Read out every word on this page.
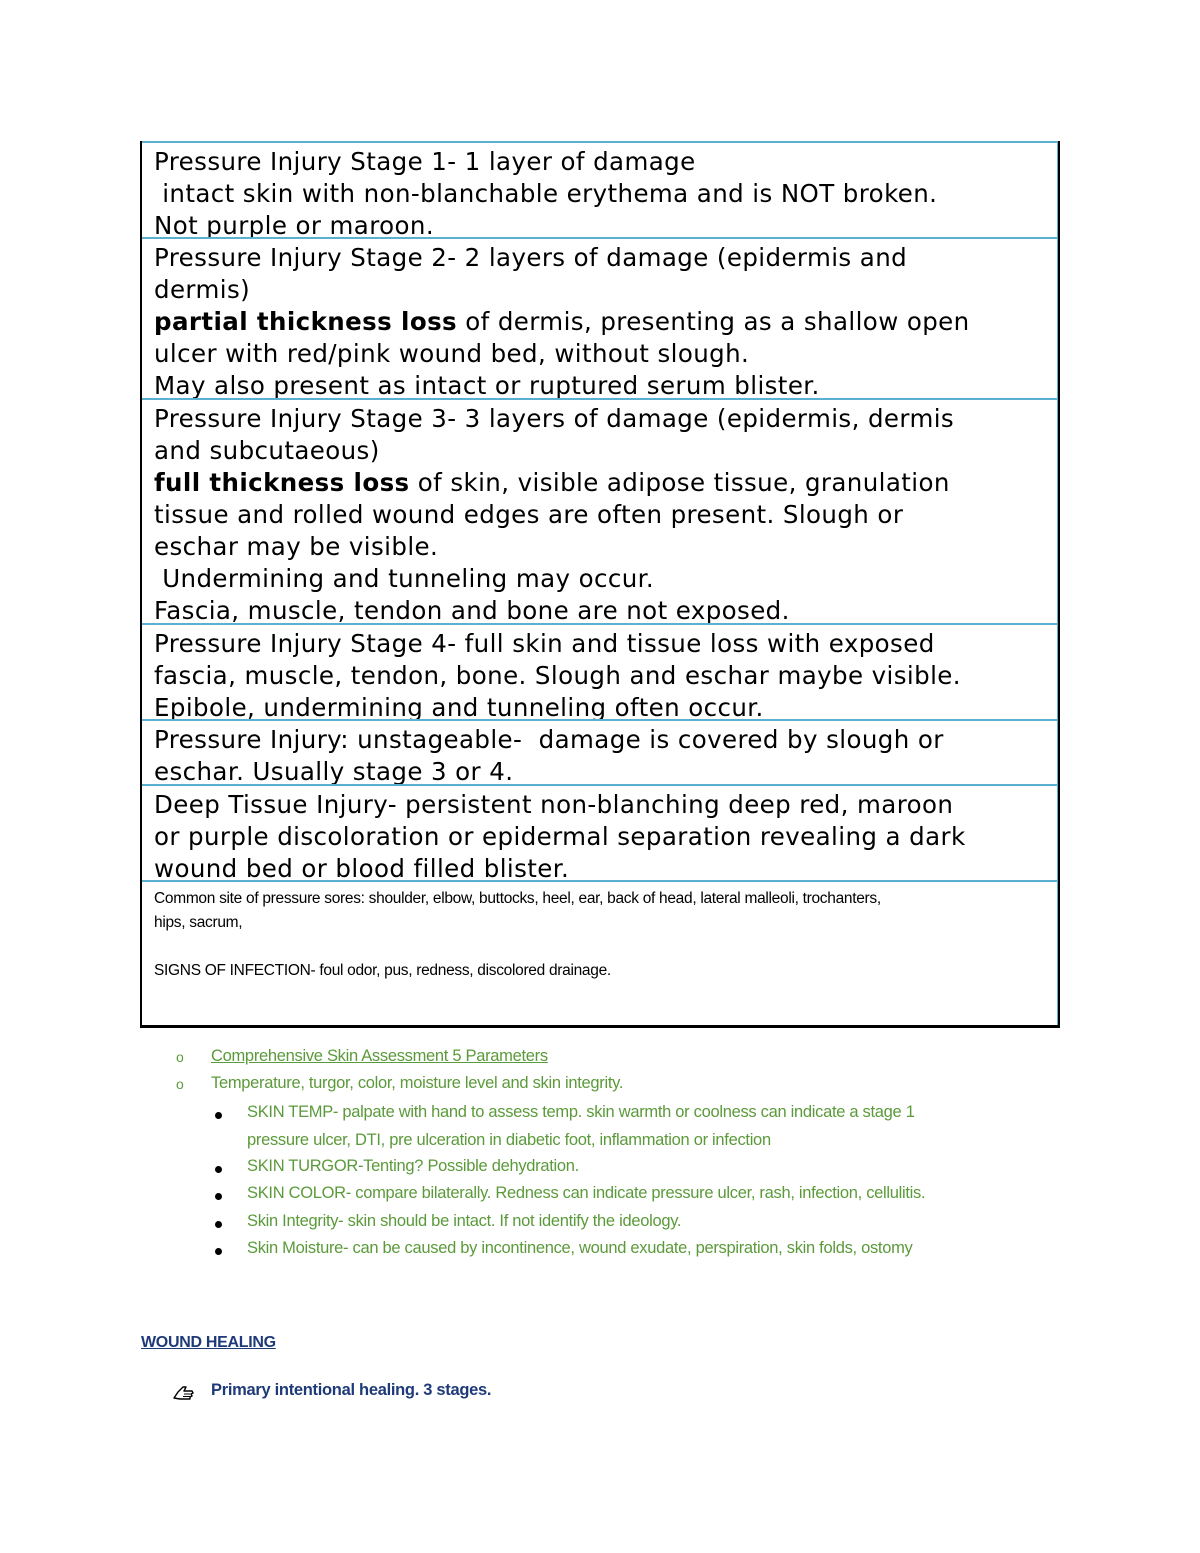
Pressure Injury Stage 1- 1 layer of damage
intact skin with non-blanchable erythema and is NOT broken.
Not purple or maroon.
Pressure Injury Stage 2- 2 layers of damage (epidermis and
dermis)
partial thickness loss of dermis, presenting as a shallow open
ulcer with red/pink wound bed, without slough.
May also present as intact or ruptured serum blister.
Pressure Injury Stage 3- 3 layers of damage (epidermis, dermis
and subcutaeous)
full thickness loss of skin, visible adipose tissue, granulation
tissue and rolled wound edges are often present. Slough or
eschar may be visible.
Undermining and tunneling may occur.
Fascia, muscle, tendon and bone are not exposed.
Pressure Injury Stage 4- full skin and tissue loss with exposed
fascia, muscle, tendon, bone. Slough and eschar maybe visible.
Epibole, undermining and tunneling often occur.
Pressure Injury: unstageable-  damage is covered by slough or
eschar. Usually stage 3 or 4.
Deep Tissue Injury- persistent non-blanching deep red, maroon
or purple discoloration or epidermal separation revealing a dark
wound bed or blood filled blister.
Common site of pressure sores: shoulder, elbow, buttocks, heel, ear, back of head, lateral malleoli, trochanters,
hips, sacrum,

SIGNS OF INFECTION- foul odor, pus, redness, discolored drainage.
o Comprehensive Skin Assessment 5 Parameters
o Temperature, turgor, color, moisture level and skin integrity.
SKIN TEMP- palpate with hand to assess temp. skin warmth or coolness can indicate a stage 1
pressure ulcer, DTI, pre ulceration in diabetic foot, inflammation or infection
SKIN TURGOR-Tenting? Possible dehydration.
SKIN COLOR- compare bilaterally. Redness can indicate pressure ulcer, rash, infection, cellulitis.
Skin Integrity- skin should be intact. If not identify the ideology.
Skin Moisture- can be caused by incontinence, wound exudate, perspiration, skin folds, ostomy
WOUND HEALING
Primary intentional healing. 3 stages.
